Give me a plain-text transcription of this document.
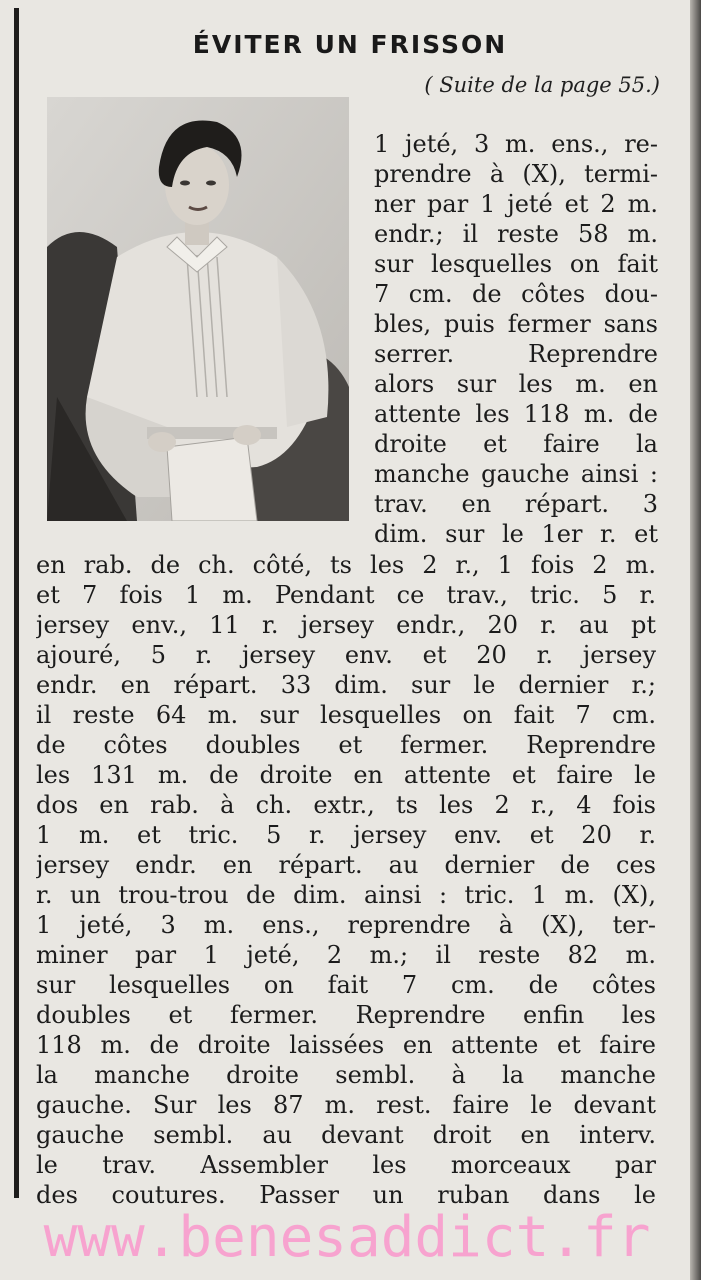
ÉVITER UN FRISSON
( Suite de la page 55.)
1 jeté, 3 m. ens., re-
prendre à (X), termi-
ner par 1 jeté et 2 m.
endr.; il reste 58 m.
sur lesquelles on fait
7 cm. de côtes dou-
bles, puis fermer sans
serrer. Reprendre
alors sur les m. en
attente les 118 m. de
droite et faire la
manche gauche ainsi :
trav. en répart. 3
dim. sur le 1er r. et
en rab. de ch. côté, ts les 2 r., 1 fois 2 m.
et 7 fois 1 m. Pendant ce trav., tric. 5 r.
jersey env., 11 r. jersey endr., 20 r. au pt
ajouré, 5 r. jersey env. et 20 r. jersey
endr. en répart. 33 dim. sur le dernier r.;
il reste 64 m. sur lesquelles on fait 7 cm.
de côtes doubles et fermer. Reprendre
les 131 m. de droite en attente et faire le
dos en rab. à ch. extr., ts les 2 r., 4 fois
1 m. et tric. 5 r. jersey env. et 20 r.
jersey endr. en répart. au dernier de ces
r. un trou-trou de dim. ainsi : tric. 1 m. (X),
1 jeté, 3 m. ens., reprendre à (X), ter-
miner par 1 jeté, 2 m.; il reste 82 m.
sur lesquelles on fait 7 cm. de côtes
doubles et fermer. Reprendre enfin les
118 m. de droite laissées en attente et faire
la manche droite sembl. à la manche
gauche. Sur les 87 m. rest. faire le devant
gauche sembl. au devant droit en interv.
le trav. Assembler les morceaux par
des coutures. Passer un ruban dans le
www.benesaddict.fr
